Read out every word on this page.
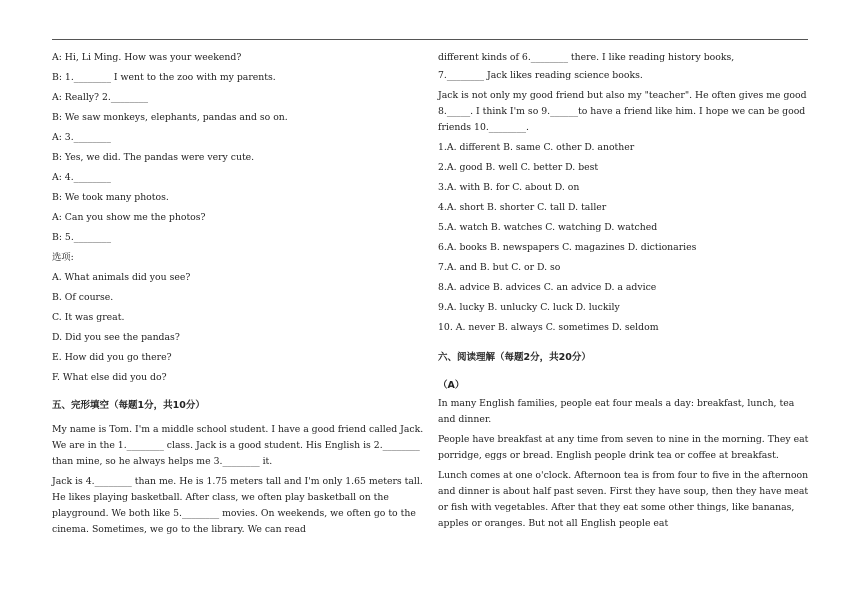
A: Hi, Li Ming. How was your weekend?
B: 1.________ I went to the zoo with my parents.
A: Really? 2.________
B: We saw monkeys, elephants, pandas and so on.
A: 3.________
B: Yes, we did. The pandas were very cute.
A: 4.________
B: We took many photos.
A: Can you show me the photos?
B: 5.________
选项:
A. What animals did you see?
B. Of course.
C. It was great.
D. Did you see the pandas?
E. How did you go there?
F. What else did you do?
五、完形填空（每题1分，共10分）
My name is Tom. I'm a middle school student. I have a good friend called Jack. We are in the 1.________ class. Jack is a good student. His English is 2.________ than mine, so he always helps me 3.________ it.
Jack is 4.________ than me. He is 1.75 meters tall and I'm only 1.65 meters tall. He likes playing basketball. After class, we often play basketball on the playground. We both like 5.________ movies. On weekends, we often go to the cinema. Sometimes, we go to the library. We can read
different kinds of 6.________ there. I like reading history books,
7.________ Jack likes reading science books.
Jack is not only my good friend but also my "teacher". He often gives me good 8._____. I think I'm so 9.______to have a friend like him. I hope we can be good friends 10.________.
1.A. different B. same C. other D. another
2.A. good B. well C. better D. best
3.A. with B. for C. about D. on
4.A. short B. shorter C. tall D. taller
5.A. watch B. watches C. watching D. watched
6.A. books B. newspapers C. magazines D. dictionaries
7.A. and B. but C. or D. so
8.A. advice B. advices C. an advice D. a advice
9.A. lucky B. unlucky C. luck D. luckily
10. A. never B. always C. sometimes D. seldom
六、阅读理解（每题2分，共20分）
（A）
In many English families, people eat four meals a day: breakfast, lunch, tea and dinner.
People have breakfast at any time from seven to nine in the morning. They eat porridge, eggs or bread. English people drink tea or coffee at breakfast.
Lunch comes at one o'clock. Afternoon tea is from four to five in the afternoon and dinner is about half past seven. First they have soup, then they have meat or fish with vegetables. After that they eat some other things, like bananas, apples or oranges. But not all English people eat
